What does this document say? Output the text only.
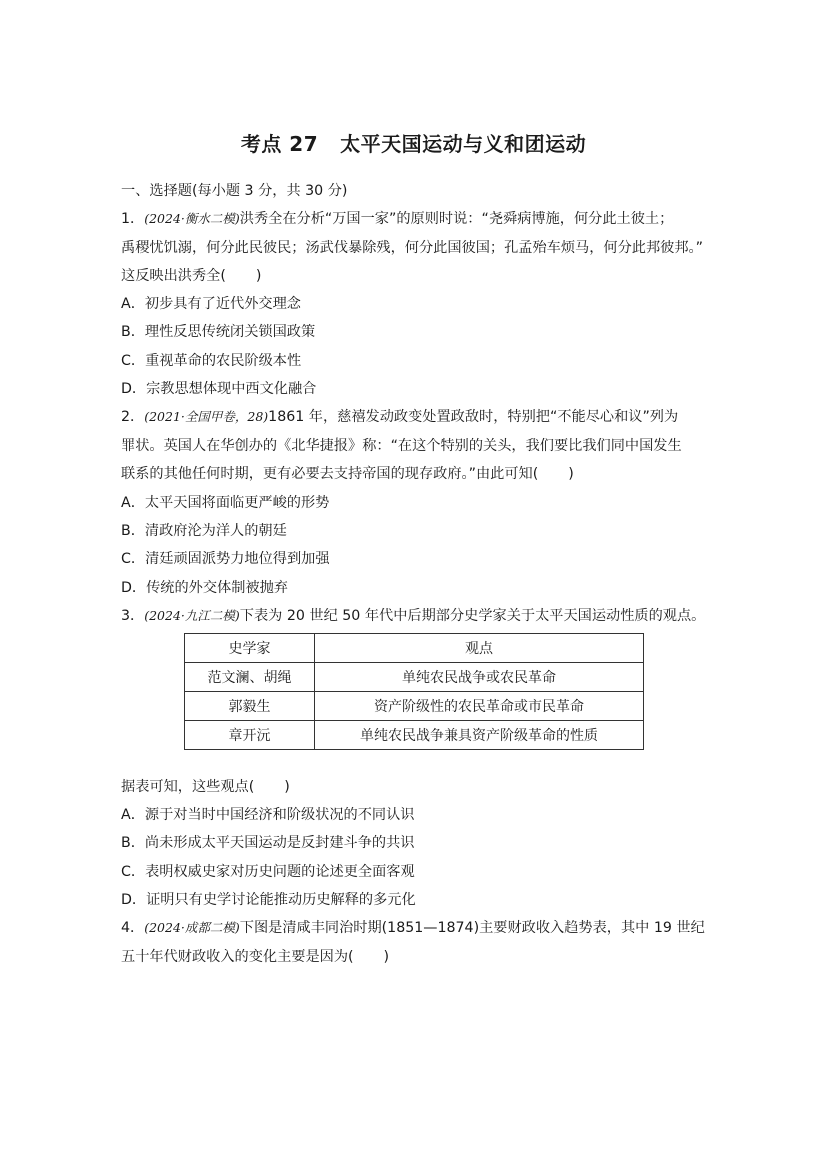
考点 27 太平天国运动与义和团运动
一、选择题(每小题 3 分，共 30 分)
1．(2024·衡水二模)洪秀全在分析“万国一家”的原则时说：“尧舜病博施，何分此土彼土；
禹稷忧饥溺，何分此民彼民；汤武伐暴除残，何分此国彼国；孔孟殆车烦马，何分此邦彼邦。”
这反映出洪秀全( )
A．初步具有了近代外交理念
B．理性反思传统闭关锁国政策
C．重视革命的农民阶级本性
D．宗教思想体现中西文化融合
2．(2021·全国甲卷，28)1861 年，慈禧发动政变处置政敌时，特别把“不能尽心和议”列为
罪状。英国人在华创办的《北华捷报》称：“在这个特别的关头，我们要比我们同中国发生
联系的其他任何时期，更有必要去支持帝国的现存政府。”由此可知( )
A．太平天国将面临更严峻的形势
B．清政府沦为洋人的朝廷
C．清廷顽固派势力地位得到加强
D．传统的外交体制被抛弃
3．(2024·九江二模)下表为 20 世纪 50 年代中后期部分史学家关于太平天国运动性质的观点。
史学家	观点
范文澜、胡绳	单纯农民战争或农民革命
郭毅生	资产阶级性的农民革命或市民革命
章开沅	单纯农民战争兼具资产阶级革命的性质
据表可知，这些观点( )
A．源于对当时中国经济和阶级状况的不同认识
B．尚未形成太平天国运动是反封建斗争的共识
C．表明权威史家对历史问题的论述更全面客观
D．证明只有史学讨论能推动历史解释的多元化
4．(2024·成都二模)下图是清咸丰同治时期(1851—1874)主要财政收入趋势表，其中 19 世纪
五十年代财政收入的变化主要是因为( )
